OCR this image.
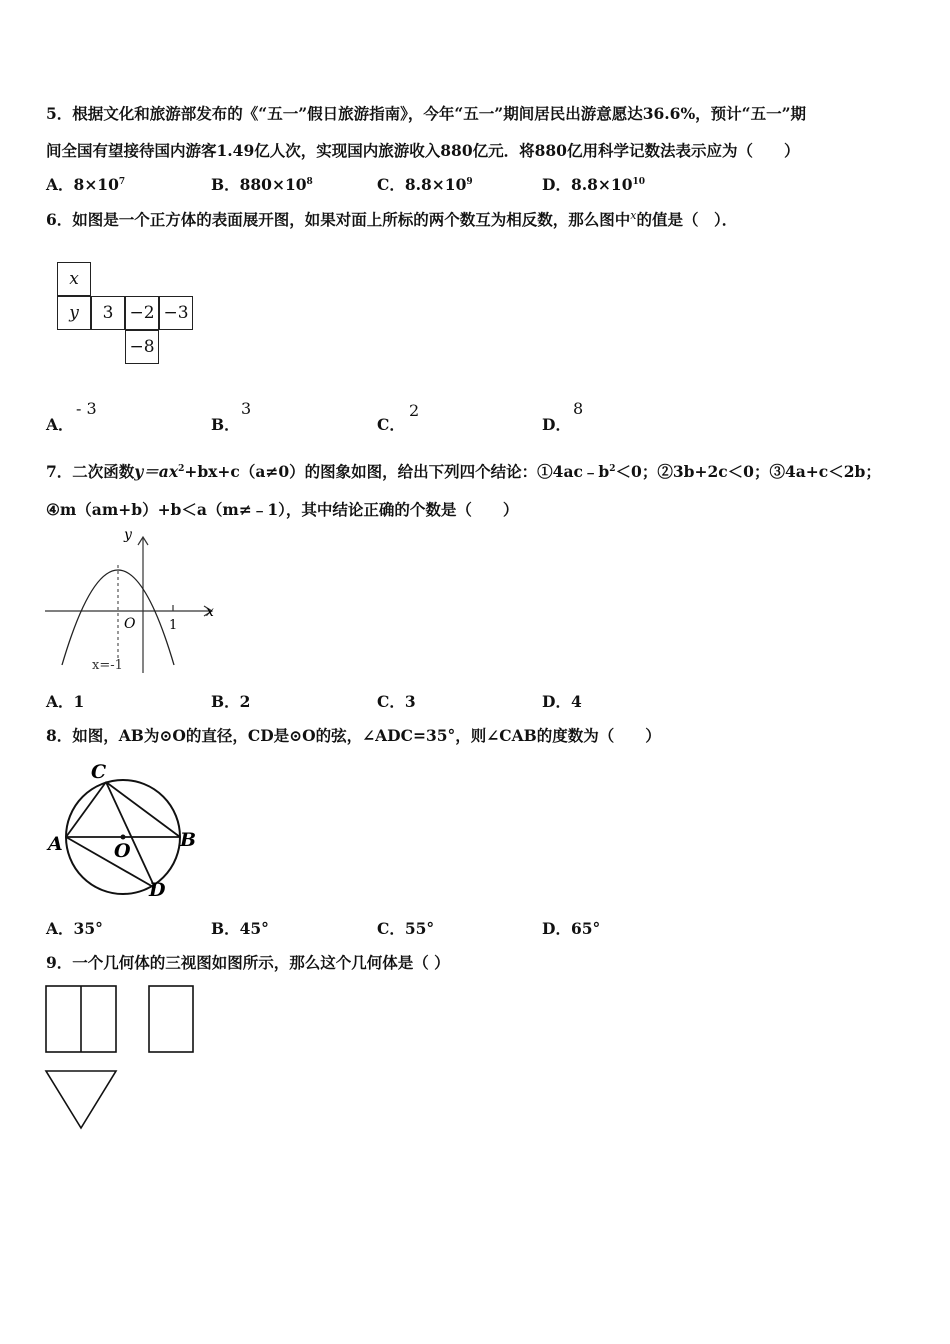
5．根据文化和旅游部发布的《“五一”假日旅游指南》，今年“五一”期间居民出游意愿达36.6%，预计“五一”期
间全国有望接待国内游客1.49亿人次，实现国内旅游收入880亿元．将880亿用科学记数法表示应为（　　）
A．$8\times 10^7$	B．$880\times 10^8$	C．$8.8\times 10^9$	D．$8.8\times 10^{10}$
6．如图是一个正方体的表面展开图，如果对面上所标的两个数互为相反数，那么图中$^x$的值是（　）．
x
y	3 −2 −3
−8
A．
- 3
B．
3
C．
2
D．
8
7．二次函数$y=ax^2+bx+c(a\ne 0)$的图象如图，给出下列四个结论：$①4ac﹣b^2<0$；②3b+2c＜0；③4a+c＜2b；
④m（am+b）+b＜a（m≠﹣1），其中结论正确的个数是（　　）
y
x
O	1
x=-1
A．1	B．2	C．3	D．4
8．如图，AB为⊙O的直径，CD是⊙O的弦，∠ADC=35°，则∠CAB的度数为（　　）
C
A	B
O
D
A．35°	B．45°	C．55°	D．65°
9．一个几何体的三视图如图所示，那么这个几何体是（ ）
